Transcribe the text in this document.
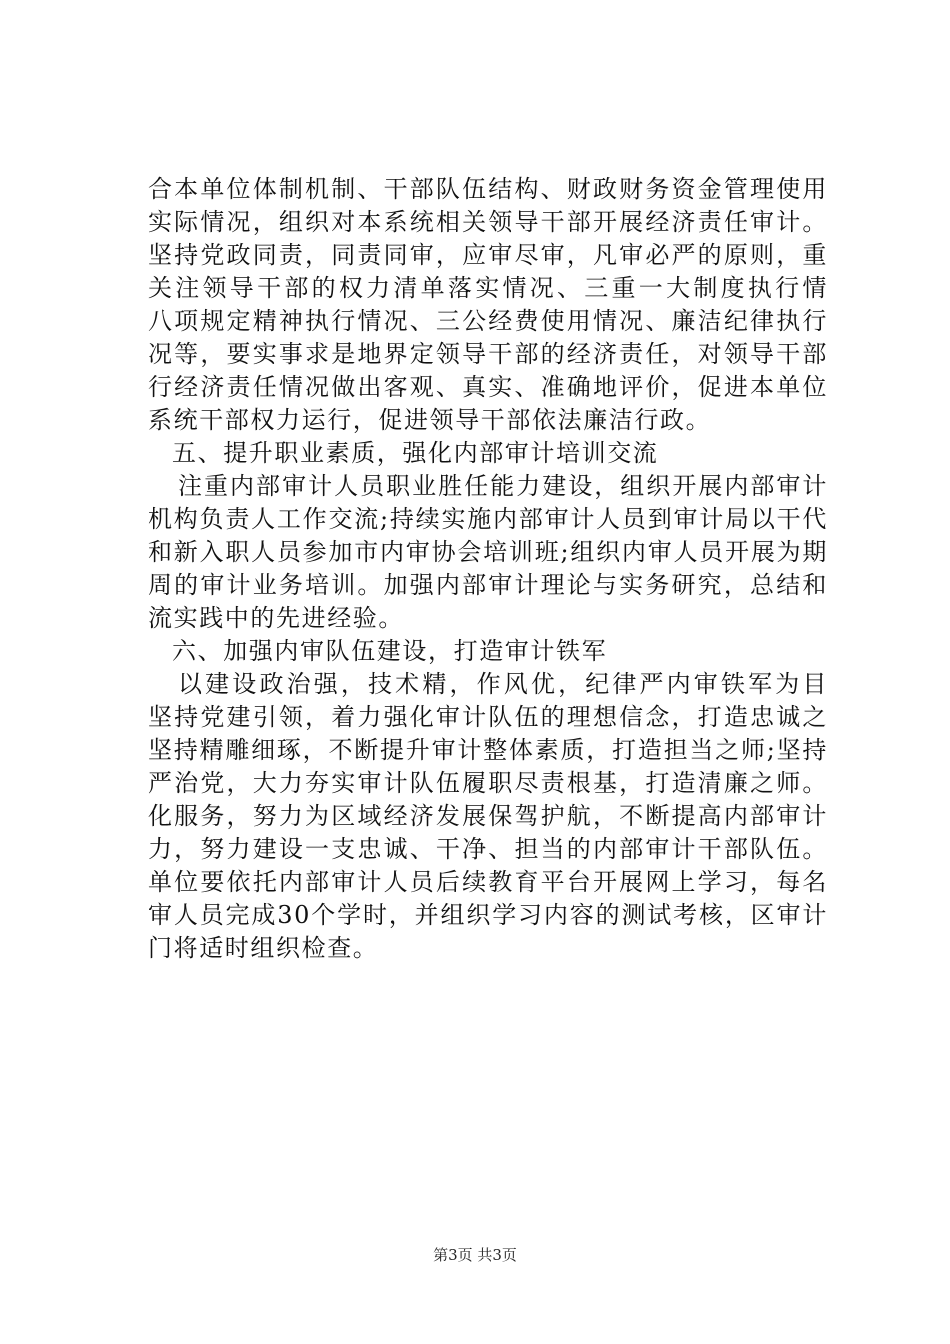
合本单位体制机制、干部队伍结构、财政财务资金管理使用
实际情况，组织对本系统相关领导干部开展经济责任审计。
坚持党政同责，同责同审，应审尽审，凡审必严的原则，重
关注领导干部的权力清单落实情况、三重一大制度执行情
八项规定精神执行情况、三公经费使用情况、廉洁纪律执行
况等，要实事求是地界定领导干部的经济责任，对领导干部
行经济责任情况做出客观、真实、准确地评价，促进本单位
系统干部权力运行，促进领导干部依法廉洁行政。
五、提升职业素质，强化内部审计培训交流
注重内部审计人员职业胜任能力建设，组织开展内部审计
机构负责人工作交流;持续实施内部审计人员到审计局以干代
和新入职人员参加市内审协会培训班;组织内审人员开展为期
周的审计业务培训。加强内部审计理论与实务研究，总结和
流实践中的先进经验。
六、加强内审队伍建设，打造审计铁军
以建设政治强，技术精，作风优，纪律严内审铁军为目
坚持党建引领，着力强化审计队伍的理想信念，打造忠诚之
坚持精雕细琢，不断提升审计整体素质，打造担当之师;坚持
严治党，大力夯实审计队伍履职尽责根基，打造清廉之师。
化服务，努力为区域经济发展保驾护航，不断提高内部审计
力，努力建设一支忠诚、干净、担当的内部审计干部队伍。
单位要依托内部审计人员后续教育平台开展网上学习，每名
审人员完成30个学时，并组织学习内容的测试考核，区审计
门将适时组织检查。
第3页 共3页
